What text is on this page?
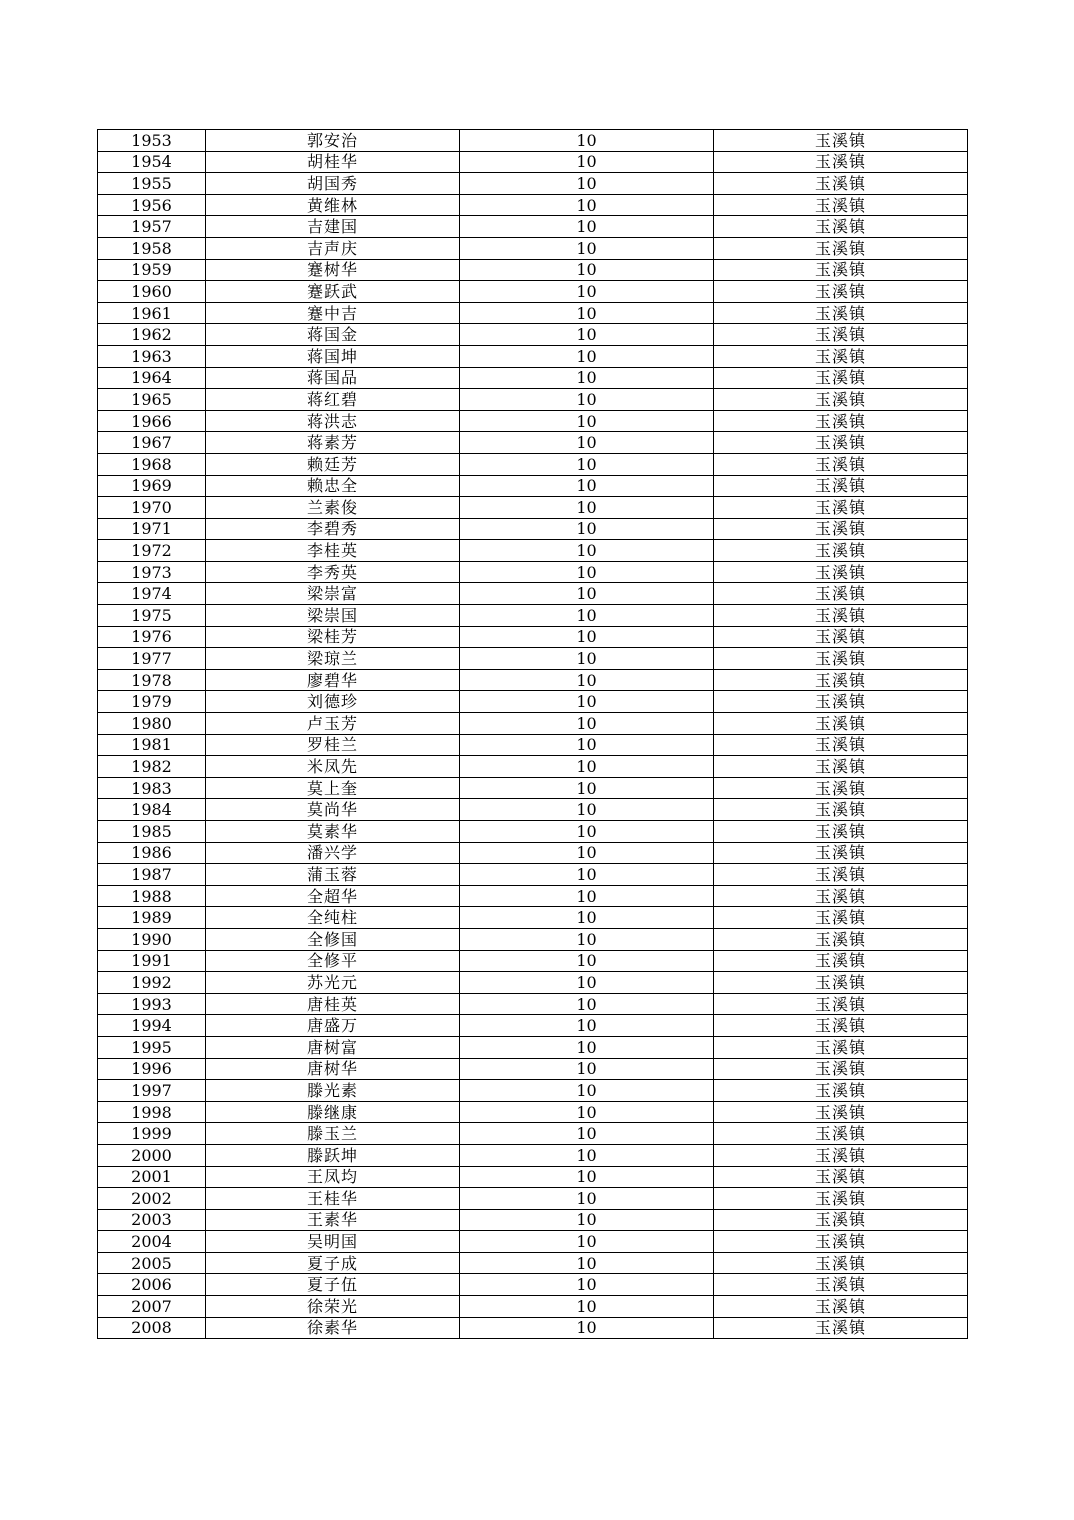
1953	郭安治	10	玉溪镇
1954	胡桂华	10	玉溪镇
1955	胡国秀	10	玉溪镇
1956	黄维林	10	玉溪镇
1957	吉建国	10	玉溪镇
1958	吉声庆	10	玉溪镇
1959	蹇树华	10	玉溪镇
1960	蹇跃武	10	玉溪镇
1961	蹇中吉	10	玉溪镇
1962	蒋国金	10	玉溪镇
1963	蒋国坤	10	玉溪镇
1964	蒋国品	10	玉溪镇
1965	蒋红碧	10	玉溪镇
1966	蒋洪志	10	玉溪镇
1967	蒋素芳	10	玉溪镇
1968	赖廷芳	10	玉溪镇
1969	赖忠全	10	玉溪镇
1970	兰素俊	10	玉溪镇
1971	李碧秀	10	玉溪镇
1972	李桂英	10	玉溪镇
1973	李秀英	10	玉溪镇
1974	梁崇富	10	玉溪镇
1975	梁崇国	10	玉溪镇
1976	梁桂芳	10	玉溪镇
1977	梁琼兰	10	玉溪镇
1978	廖碧华	10	玉溪镇
1979	刘德珍	10	玉溪镇
1980	卢玉芳	10	玉溪镇
1981	罗桂兰	10	玉溪镇
1982	米凤先	10	玉溪镇
1983	莫上奎	10	玉溪镇
1984	莫尚华	10	玉溪镇
1985	莫素华	10	玉溪镇
1986	潘兴学	10	玉溪镇
1987	蒲玉蓉	10	玉溪镇
1988	全超华	10	玉溪镇
1989	全纯柱	10	玉溪镇
1990	全修国	10	玉溪镇
1991	全修平	10	玉溪镇
1992	苏光元	10	玉溪镇
1993	唐桂英	10	玉溪镇
1994	唐盛万	10	玉溪镇
1995	唐树富	10	玉溪镇
1996	唐树华	10	玉溪镇
1997	滕光素	10	玉溪镇
1998	滕继康	10	玉溪镇
1999	滕玉兰	10	玉溪镇
2000	滕跃坤	10	玉溪镇
2001	王凤均	10	玉溪镇
2002	王桂华	10	玉溪镇
2003	王素华	10	玉溪镇
2004	吴明国	10	玉溪镇
2005	夏子成	10	玉溪镇
2006	夏子伍	10	玉溪镇
2007	徐荣光	10	玉溪镇
2008	徐素华	10	玉溪镇
